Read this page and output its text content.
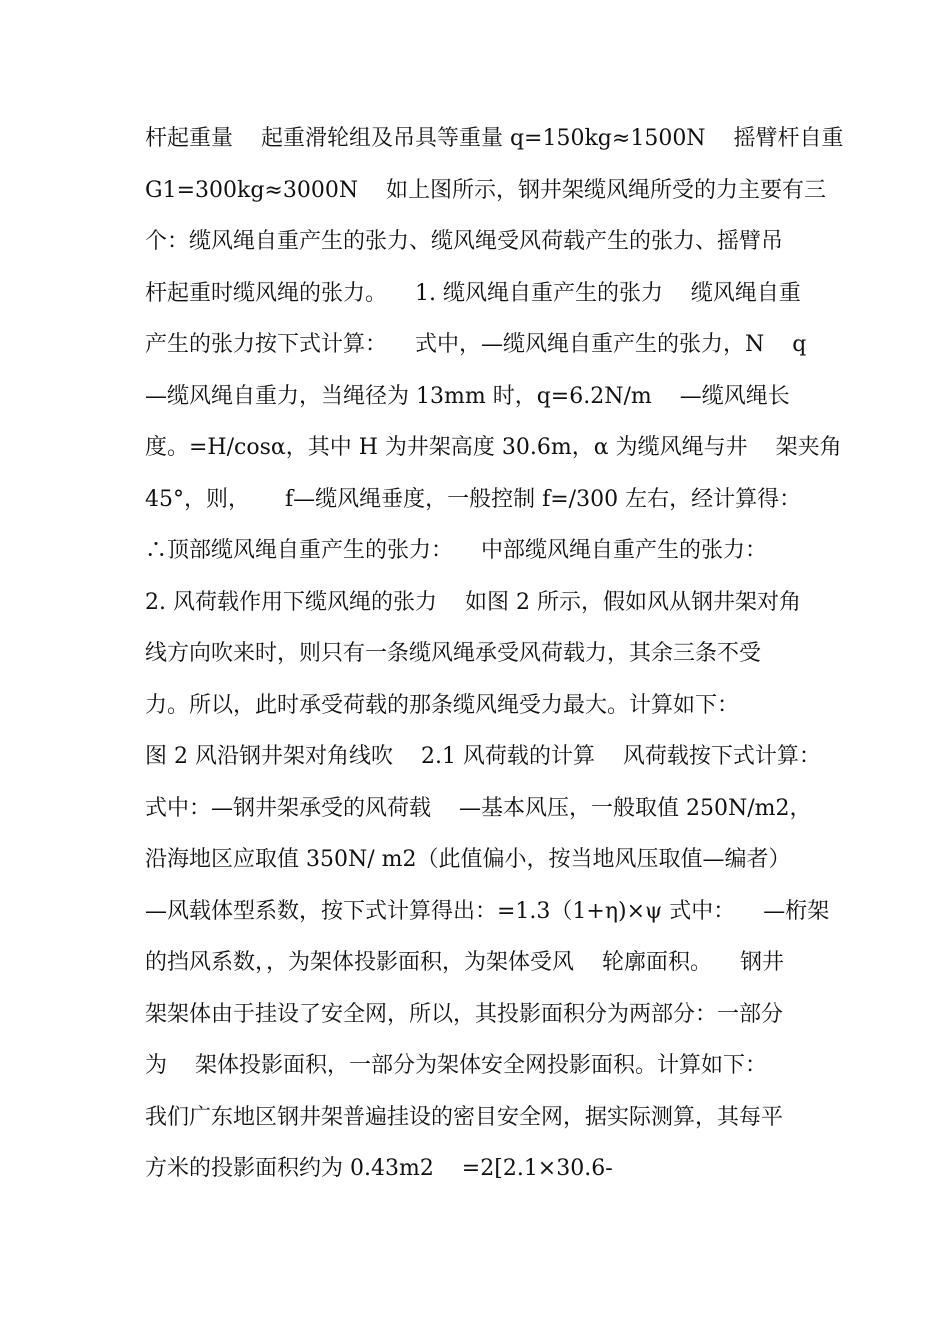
杆起重量    起重滑轮组及吊具等重量 q=150kg≈1500N    摇臂杆自重
G1=300kg≈3000N    如上图所示，钢井架缆风绳所受的力主要有三
个：缆风绳自重产生的张力、缆风绳受风荷载产生的张力、摇臂吊
杆起重时缆风绳的张力。    1. 缆风绳自重产生的张力    缆风绳自重
产生的张力按下式计算：    式中，—缆风绳自重产生的张力，N    q
—缆风绳自重力，当绳径为 13mm 时，q=6.2N/m    —缆风绳长
度。=H/cosα，其中 H 为井架高度 30.6m，α 为缆风绳与井    架夹角
45°，则，     f—缆风绳垂度，一般控制 f=/300 左右，经计算得：
∴顶部缆风绳自重产生的张力：    中部缆风绳自重产生的张力：
2. 风荷载作用下缆风绳的张力    如图 2 所示，假如风从钢井架对角
线方向吹来时，则只有一条缆风绳承受风荷载力，其余三条不受
力。所以，此时承受荷载的那条缆风绳受力最大。计算如下：
图 2 风沿钢井架对角线吹    2.1 风荷载的计算    风荷载按下式计算：
式中：—钢井架承受的风荷载    —基本风压，一般取值 250N/m2，
沿海地区应取值 350N/ m2（此值偏小，按当地风压取值—编者）
—风载体型系数，按下式计算得出：=1.3（1+η)×ψ 式中：    —桁架
的挡风系数，，为架体投影面积，为架体受风    轮廓面积。    钢井
架架体由于挂设了安全网，所以，其投影面积分为两部分：一部分
为    架体投影面积，一部分为架体安全网投影面积。计算如下：
我们广东地区钢井架普遍挂设的密目安全网，据实际测算，其每平
方米的投影面积约为 0.43m2    =2[2.1×30.6-
